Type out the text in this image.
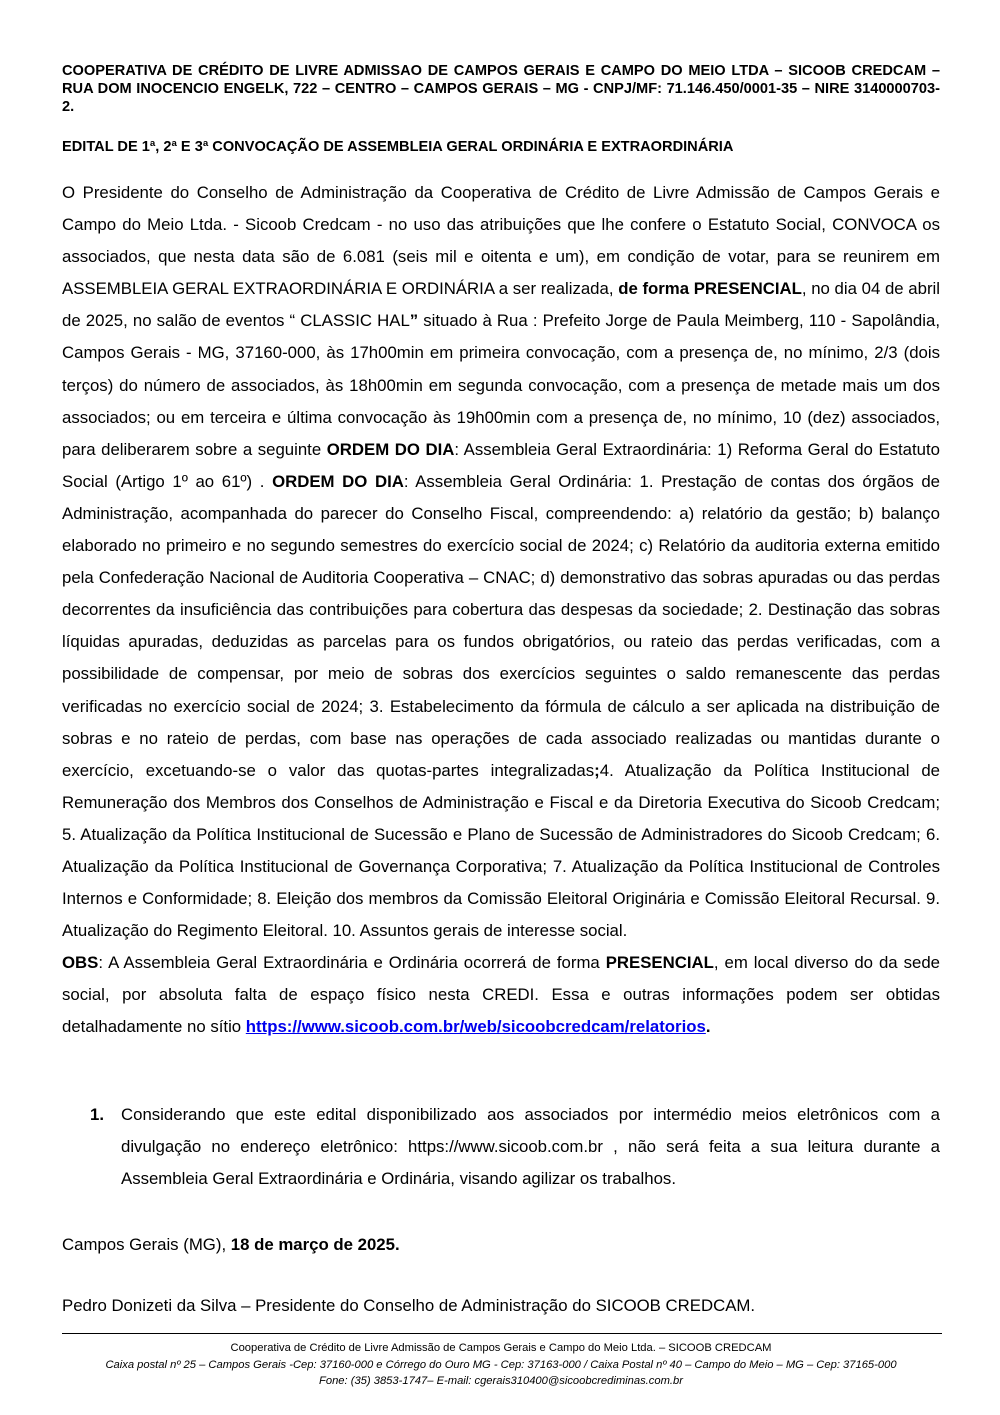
COOPERATIVA DE CRÉDITO DE LIVRE ADMISSAO DE CAMPOS GERAIS E CAMPO DO MEIO LTDA – SICOOB CREDCAM – RUA DOM INOCENCIO ENGELK, 722 – CENTRO – CAMPOS GERAIS – MG - CNPJ/MF: 71.146.450/0001-35 – NIRE 3140000703-2.
EDITAL DE 1ª, 2ª E 3ª CONVOCAÇÃO DE ASSEMBLEIA GERAL ORDINÁRIA E EXTRAORDINÁRIA

O Presidente do Conselho de Administração da Cooperativa de Crédito de Livre Admissão de Campos Gerais e Campo do Meio Ltda. - Sicoob Credcam - no uso das atribuições que lhe confere o Estatuto Social, CONVOCA os associados, que nesta data são de 6.081 (seis mil e oitenta e um), em condição de votar, para se reunirem em ASSEMBLEIA GERAL EXTRAORDINÁRIA E ORDINÁRIA a ser realizada, de forma PRESENCIAL, no dia 04 de abril de 2025, no salão de eventos “ CLASSIC HAL” situado à Rua : Prefeito Jorge de Paula Meimberg, 110 - Sapolândia, Campos Gerais - MG, 37160-000, às 17h00min em primeira convocação, com a presença de, no mínimo, 2/3 (dois terços) do número de associados, às 18h00min em segunda convocação, com a presença de metade mais um dos associados; ou em terceira e última convocação às 19h00min com a presença de, no mínimo, 10 (dez) associados, para deliberarem sobre a seguinte ORDEM DO DIA: Assembleia Geral Extraordinária: 1) Reforma Geral do Estatuto Social (Artigo 1º ao 61º) . ORDEM DO DIA: Assembleia Geral Ordinária: 1. Prestação de contas dos órgãos de Administração, acompanhada do parecer do Conselho Fiscal, compreendendo: a) relatório da gestão; b) balanço elaborado no primeiro e no segundo semestres do exercício social de 2024; c) Relatório da auditoria externa emitido pela Confederação Nacional de Auditoria Cooperativa – CNAC; d) demonstrativo das sobras apuradas ou das perdas decorrentes da insuficiência das contribuições para cobertura das despesas da sociedade; 2. Destinação das sobras líquidas apuradas, deduzidas as parcelas para os fundos obrigatórios, ou rateio das perdas verificadas, com a possibilidade de compensar, por meio de sobras dos exercícios seguintes o saldo remanescente das perdas verificadas no exercício social de 2024; 3. Estabelecimento da fórmula de cálculo a ser aplicada na distribuição de sobras e no rateio de perdas, com base nas operações de cada associado realizadas ou mantidas durante o exercício, excetuando-se o valor das quotas-partes integralizadas;4. Atualização da Política Institucional de Remuneração dos Membros dos Conselhos de Administração e Fiscal e da Diretoria Executiva do Sicoob Credcam; 5. Atualização da Política Institucional de Sucessão e Plano de Sucessão de Administradores do Sicoob Credcam; 6. Atualização da Política Institucional de Governança Corporativa; 7. Atualização da Política Institucional de Controles Internos e Conformidade; 8. Eleição dos membros da Comissão Eleitoral Originária e Comissão Eleitoral Recursal. 9. Atualização do Regimento Eleitoral. 10. Assuntos gerais de interesse social.

OBS: A Assembleia Geral Extraordinária e Ordinária ocorrerá de forma PRESENCIAL, em local diverso do da sede social, por absoluta falta de espaço físico nesta CREDI. Essa e outras informações podem ser obtidas detalhadamente no sítio https://www.sicoob.com.br/web/sicoobcredcam/relatorios.

1. Considerando que este edital disponibilizado aos associados por intermédio meios eletrônicos com a divulgação no endereço eletrônico: https://www.sicoob.com.br , não será feita a sua leitura durante a Assembleia Geral Extraordinária e Ordinária, visando agilizar os trabalhos.
Campos Gerais (MG), 18 de março de 2025.
Pedro Donizeti da Silva – Presidente do Conselho de Administração do SICOOB CREDCAM.
Cooperativa de Crédito de Livre Admissão de Campos Gerais e Campo do Meio Ltda. – SICOOB CREDCAM
Caixa postal nº 25 – Campos Gerais -Cep: 37160-000 e Córrego do Ouro MG - Cep: 37163-000 / Caixa Postal nº 40 – Campo do Meio – MG – Cep: 37165-000
Fone: (35) 3853-1747– E-mail: cgerais310400@sicoobcrediminas.com.br
